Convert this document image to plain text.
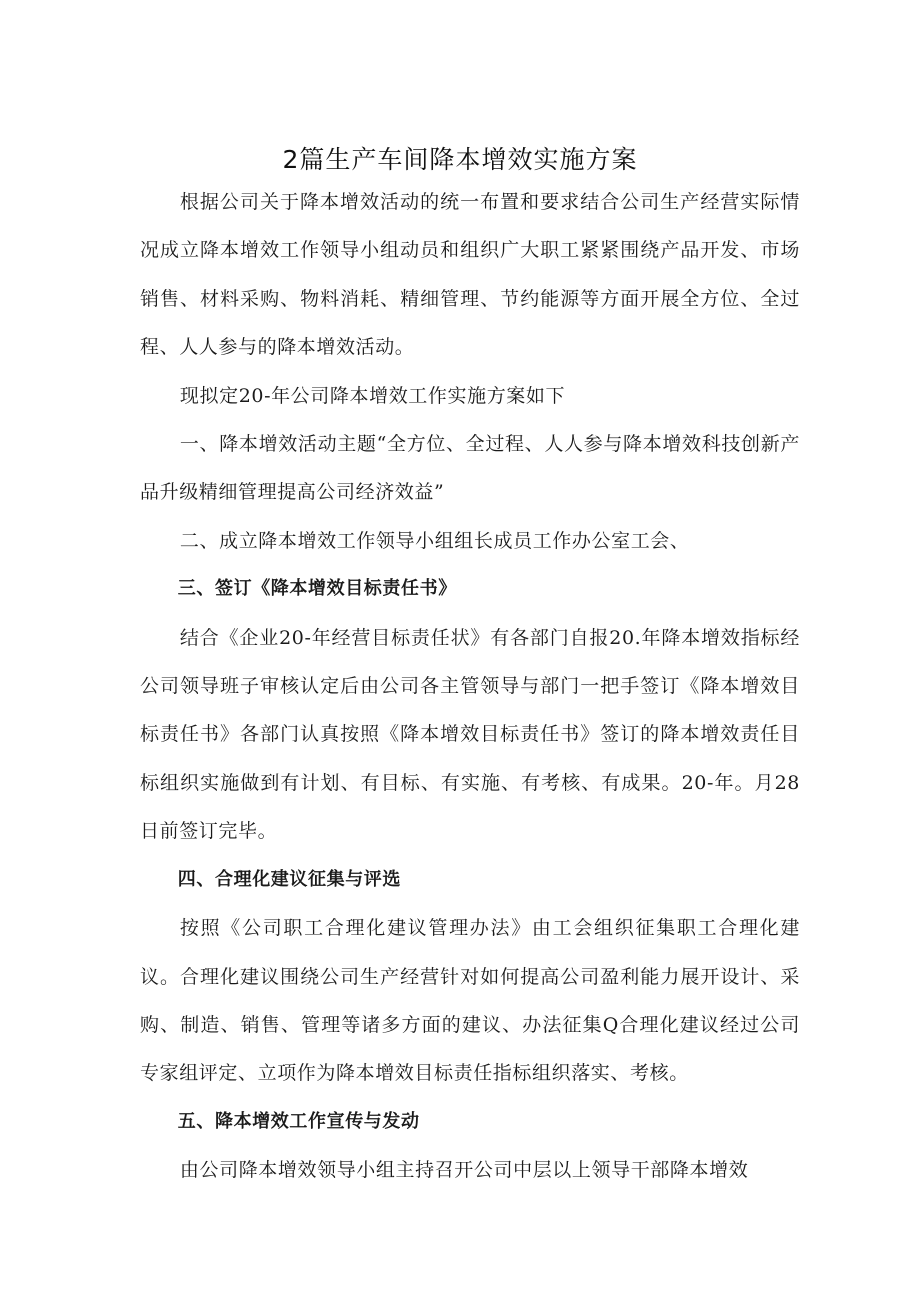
2篇生产车间降本增效实施方案

根据公司关于降本增效活动的统一布置和要求结合公司生产经营实际情况成立降本增效工作领导小组动员和组织广大职工紧紧围绕产品开发、市场销售、材料采购、物料消耗、精细管理、节约能源等方面开展全方位、全过程、人人参与的降本增效活动。

现拟定20-年公司降本增效工作实施方案如下

一、降本增效活动主题“全方位、全过程、人人参与降本增效科技创新产品升级精细管理提高公司经济效益”

二、成立降本增效工作领导小组组长成员工作办公室工会、

三、签订《降本增效目标责任书》

结合《企业20-年经营目标责任状》有各部门自报20.年降本增效指标经公司领导班子审核认定后由公司各主管领导与部门一把手签订《降本增效目标责任书》各部门认真按照《降本增效目标责任书》签订的降本增效责任目标组织实施做到有计划、有目标、有实施、有考核、有成果。20-年。月28日前签订完毕。

四、合理化建议征集与评选

按照《公司职工合理化建议管理办法》由工会组织征集职工合理化建议。合理化建议围绕公司生产经营针对如何提高公司盈利能力展开设计、采购、制造、销售、管理等诸多方面的建议、办法征集Q合理化建议经过公司专家组评定、立项作为降本增效目标责任指标组织落实、考核。

五、降本增效工作宣传与发动

由公司降本增效领导小组主持召开公司中层以上领导干部降本增效
